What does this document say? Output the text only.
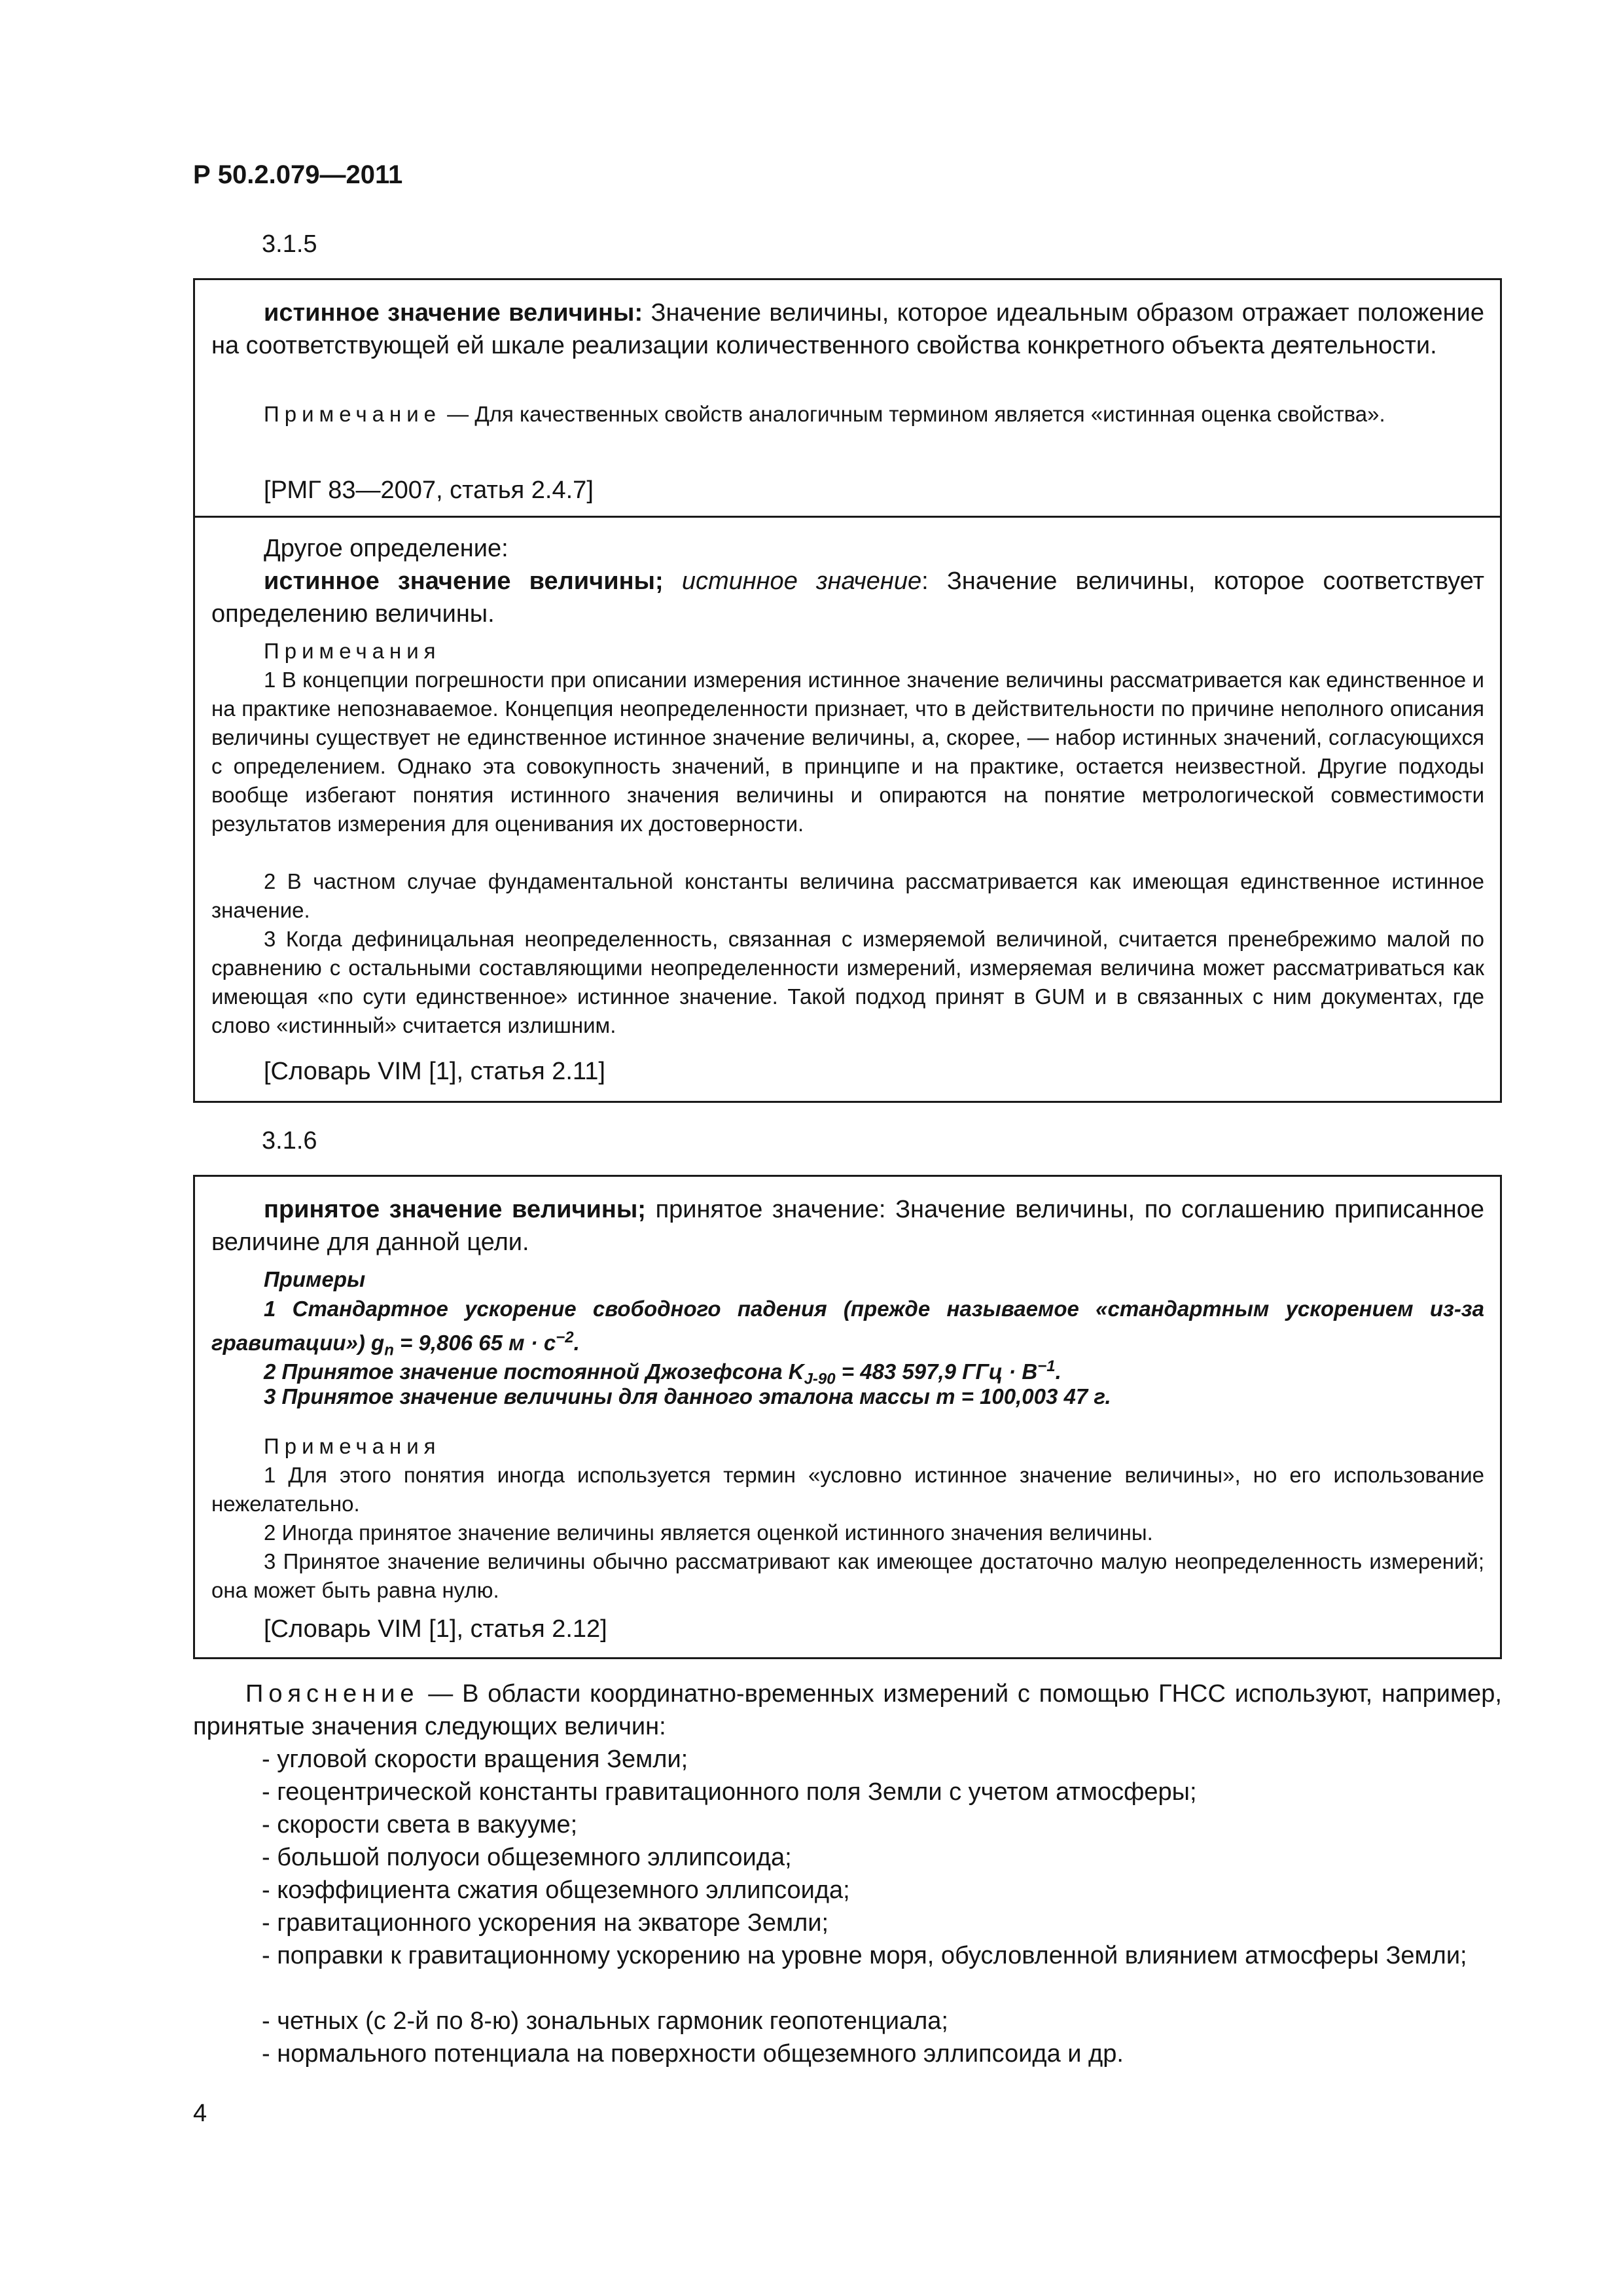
Р 50.2.079—2011
3.1.5
истинное значение величины: Значение величины, которое идеальным образом отражает положение на соответствующей ей шкале реализации количественного свойства конкретного объекта деятельности.
Примечание — Для качественных свойств аналогичным термином является «истинная оценка свойства».
[РМГ 83—2007, статья 2.4.7]
Другое определение:
истинное значение величины; истинное значение: Значение величины, которое соответствует определению величины.
Примечания
1 В концепции погрешности при описании измерения истинное значение величины рассматривается как единственное и на практике непознаваемое. Концепция неопределенности признает, что в действительности по причине неполного описания величины существует не единственное истинное значение величины, а, скорее, — набор истинных значений, согласующихся с определением. Однако эта совокупность значений, в принципе и на практике, остается неизвестной. Другие подходы вообще избегают понятия истинного значения величины и опираются на понятие метрологической совместимости результатов измерения для оценивания их достоверности.
2 В частном случае фундаментальной константы величина рассматривается как имеющая единственное истинное значение.
3 Когда дефиницальная неопределенность, связанная с измеряемой величиной, считается пренебрежимо малой по сравнению с остальными составляющими неопределенности измерений, измеряемая величина может рассматриваться как имеющая «по сути единственное» истинное значение. Такой подход принят в GUM и в связанных с ним документах, где слово «истинный» считается излишним.
[Словарь VIM [1], статья 2.11]
3.1.6
принятое значение величины; принятое значение: Значение величины, по соглашению приписанное величине для данной цели.
Примеры
1 Стандартное ускорение свободного падения (прежде называемое «стандартным ускорением из-за гравитации») $g_n = 9,806$ 65 $м \cdot с^{-2}$.
2 Принятое значение постоянной Джозефсона $K_{J-90} = 483$ 597,9 ГГц · $В^{-1}$.
3 Принятое значение величины для данного эталона массы m = 100,003 47 г.
Примечания
1 Для этого понятия иногда используется термин «условно истинное значение величины», но его использование нежелательно.
2 Иногда принятое значение величины является оценкой истинного значения величины.
3 Принятое значение величины обычно рассматривают как имеющее достаточно малую неопределенность измерений; она может быть равна нулю.
[Словарь VIM [1], статья 2.12]
Пояснение — В области координатно-временных измерений с помощью ГНСС используют, например, принятые значения следующих величин:
- угловой скорости вращения Земли;
- геоцентрической константы гравитационного поля Земли с учетом атмосферы;
- скорости света в вакууме;
- большой полуоси общеземного эллипсоида;
- коэффициента сжатия общеземного эллипсоида;
- гравитационного ускорения на экваторе Земли;
- поправки к гравитационному ускорению на уровне моря, обусловленной влиянием атмосферы Земли;
- четных (с 2-й по 8-ю) зональных гармоник геопотенциала;
- нормального потенциала на поверхности общеземного эллипсоида и др.
4
